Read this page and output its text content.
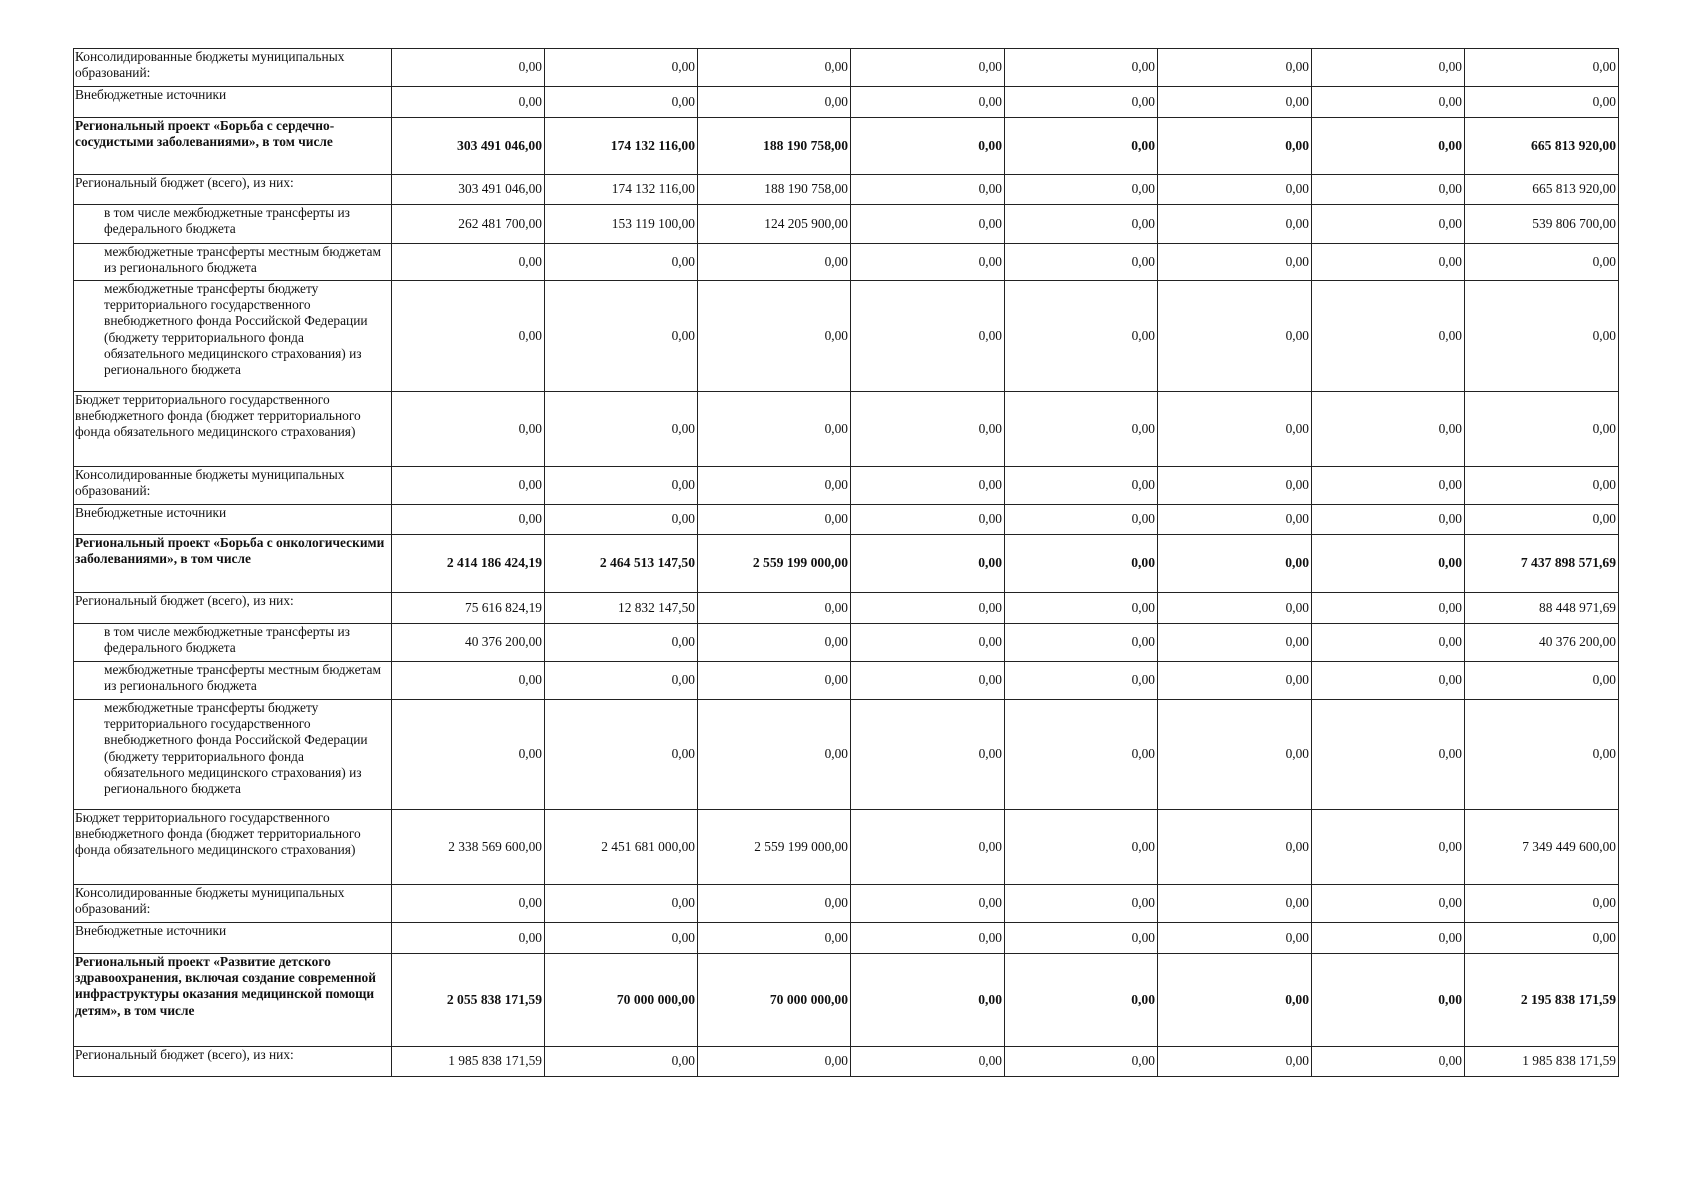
Консолидированные бюджеты муниципальных образований:	0,00	0,00	0,00	0,00	0,00	0,00	0,00	0,00
Внебюджетные источники	0,00	0,00	0,00	0,00	0,00	0,00	0,00	0,00
Региональный проект «Борьба с сердечно-сосудистыми заболеваниями», в том числе	303 491 046,00	174 132 116,00	188 190 758,00	0,00	0,00	0,00	0,00	665 813 920,00
Региональный бюджет (всего), из них:	303 491 046,00	174 132 116,00	188 190 758,00	0,00	0,00	0,00	0,00	665 813 920,00
в том числе межбюджетные трансферты из федерального бюджета	262 481 700,00	153 119 100,00	124 205 900,00	0,00	0,00	0,00	0,00	539 806 700,00
межбюджетные трансферты местным бюджетам из регионального бюджета	0,00	0,00	0,00	0,00	0,00	0,00	0,00	0,00
межбюджетные трансферты бюджету территориального государственного внебюджетного фонда Российской Федерации (бюджету территориального фонда обязательного медицинского страхования) из регионального бюджета	0,00	0,00	0,00	0,00	0,00	0,00	0,00	0,00
Бюджет территориального государственного внебюджетного фонда (бюджет территориального фонда обязательного медицинского страхования)	0,00	0,00	0,00	0,00	0,00	0,00	0,00	0,00
Консолидированные бюджеты муниципальных образований:	0,00	0,00	0,00	0,00	0,00	0,00	0,00	0,00
Внебюджетные источники	0,00	0,00	0,00	0,00	0,00	0,00	0,00	0,00
Региональный проект «Борьба с онкологическими заболеваниями», в том числе	2 414 186 424,19	2 464 513 147,50	2 559 199 000,00	0,00	0,00	0,00	0,00	7 437 898 571,69
Региональный бюджет (всего), из них:	75 616 824,19	12 832 147,50	0,00	0,00	0,00	0,00	0,00	88 448 971,69
в том числе межбюджетные трансферты из федерального бюджета	40 376 200,00	0,00	0,00	0,00	0,00	0,00	0,00	40 376 200,00
межбюджетные трансферты местным бюджетам из регионального бюджета	0,00	0,00	0,00	0,00	0,00	0,00	0,00	0,00
межбюджетные трансферты бюджету территориального государственного внебюджетного фонда Российской Федерации (бюджету территориального фонда обязательного медицинского страхования) из регионального бюджета	0,00	0,00	0,00	0,00	0,00	0,00	0,00	0,00
Бюджет территориального государственного внебюджетного фонда (бюджет территориального фонда обязательного медицинского страхования)	2 338 569 600,00	2 451 681 000,00	2 559 199 000,00	0,00	0,00	0,00	0,00	7 349 449 600,00
Консолидированные бюджеты муниципальных образований:	0,00	0,00	0,00	0,00	0,00	0,00	0,00	0,00
Внебюджетные источники	0,00	0,00	0,00	0,00	0,00	0,00	0,00	0,00
Региональный проект «Развитие детского здравоохранения, включая создание современной инфраструктуры оказания медицинской помощи детям», в том числе	2 055 838 171,59	70 000 000,00	70 000 000,00	0,00	0,00	0,00	0,00	2 195 838 171,59
Региональный бюджет (всего), из них:	1 985 838 171,59	0,00	0,00	0,00	0,00	0,00	0,00	1 985 838 171,59
